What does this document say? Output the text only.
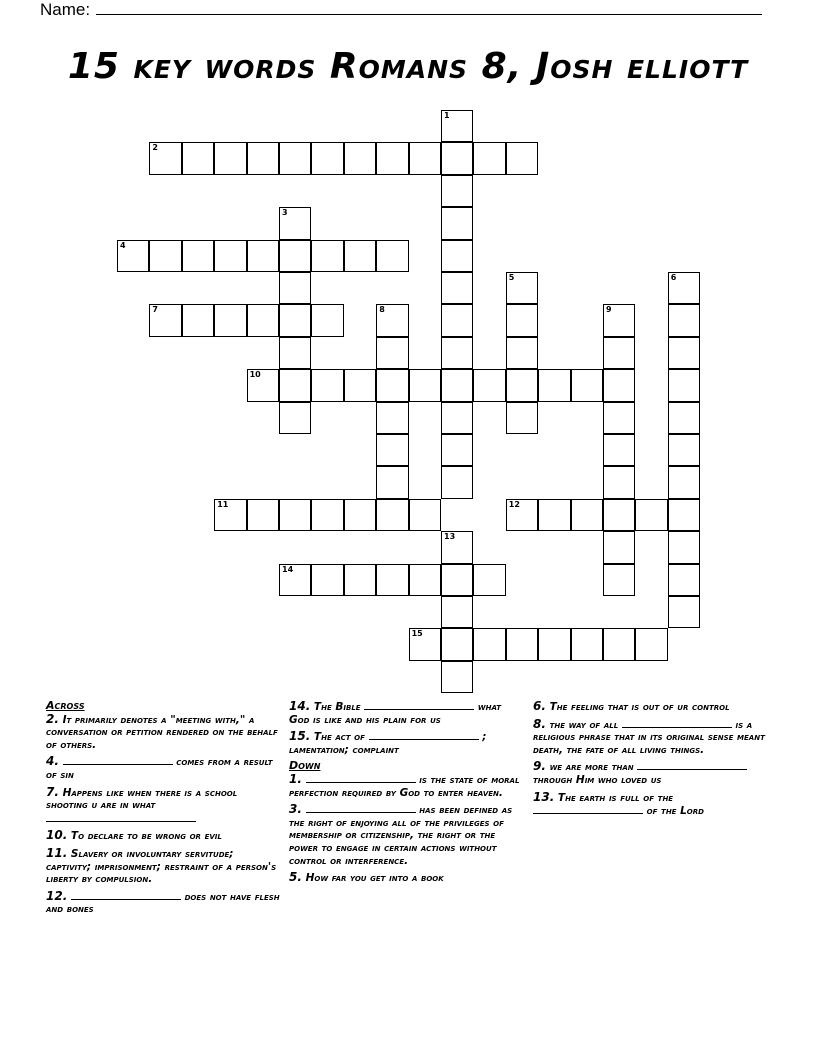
Name:
15 key words Romans 8, Josh elliott
1
2
3
4
5	6
7	8	9
10
11	12
13
14
15
Across
2. It primarily denotes a "meeting with," a conversation or petition rendered on the behalf of others.
4.	comes from a result of sin
7. Happens like when there is a school shooting u are in what
10. To declare to be wrong or evil
11. Slavery or involuntary servitude; captivity; imprisonment; restraint of a person's liberty by compulsion.
12.	does not have flesh and bones
14. The Bible	what God is like and his plain for us
15. The act of	; lamentation; complaint
Down
1.	is the state of moral perfection required by God to enter heaven.
3.	has been defined as the right of enjoying all of the privileges of membership or citizenship, the right or the power to engage in certain actions without control or interference.
5. How far you get into a book
6. The feeling that is out of ur control
8. the way of all	is a religious phrase that in its original sense meant death, the fate of all living things.
9. we are more than  through Him who loved us
13. The earth is full of the  of the Lord
